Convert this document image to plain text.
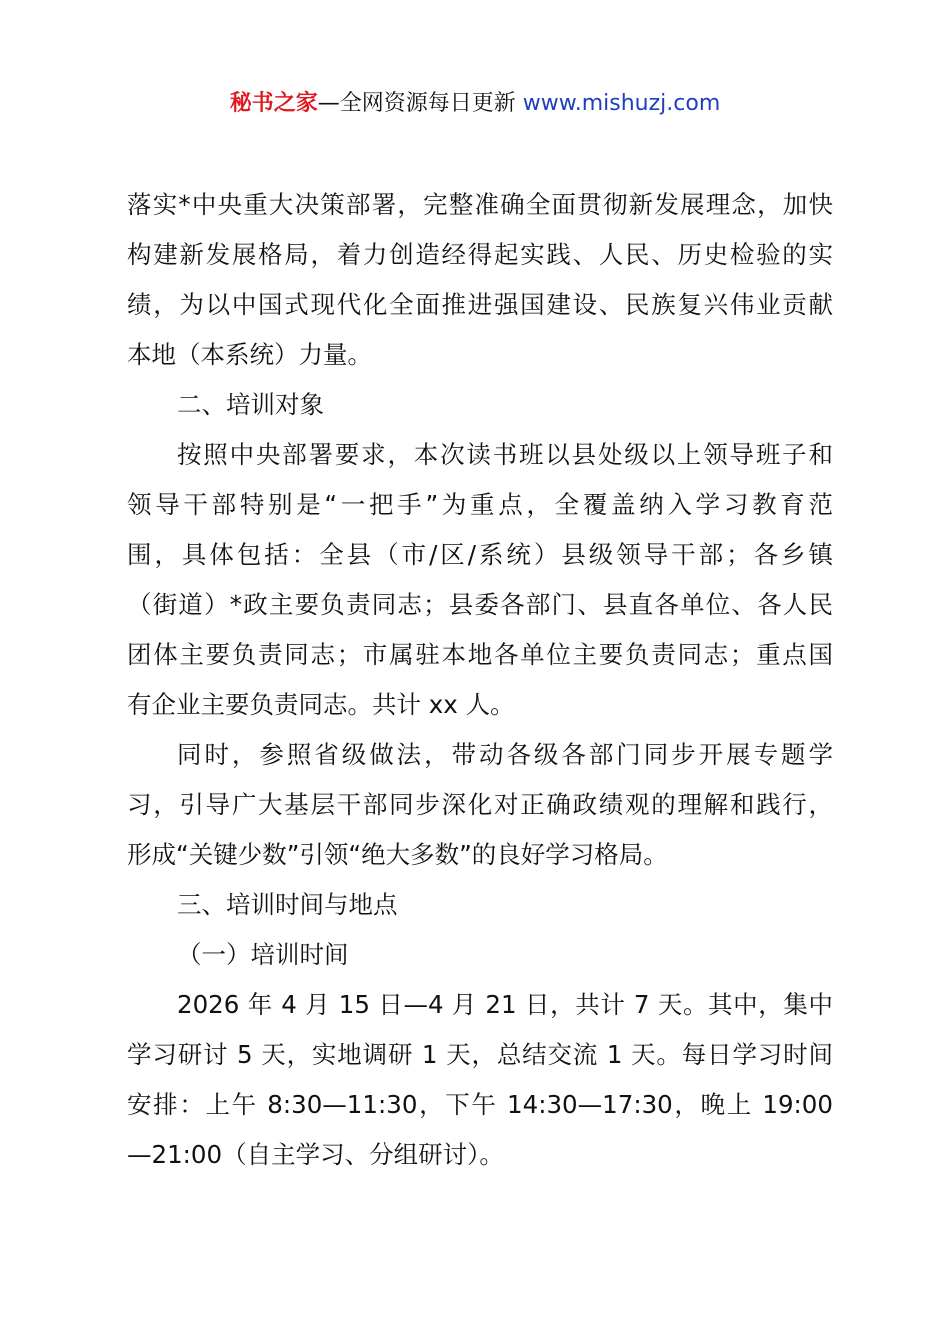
秘书之家—全网资源每日更新 www.mishuzj.com
落实*中央重大决策部署，完整准确全面贯彻新发展理念，加快
构建新发展格局，着力创造经得起实践、人民、历史检验的实
绩，为以中国式现代化全面推进强国建设、民族复兴伟业贡献
本地（本系统）力量。
二、培训对象
按照中央部署要求，本次读书班以县处级以上领导班子和
领导干部特别是“一把手”为重点，全覆盖纳入学习教育范
围，具体包括：全县（市/区/系统）县级领导干部；各乡镇
（街道）*政主要负责同志；县委各部门、县直各单位、各人民
团体主要负责同志；市属驻本地各单位主要负责同志；重点国
有企业主要负责同志。共计 xx 人。
同时，参照省级做法，带动各级各部门同步开展专题学
习，引导广大基层干部同步深化对正确政绩观的理解和践行，
形成“关键少数”引领“绝大多数”的良好学习格局。
三、培训时间与地点
（一）培训时间
2026 年 4 月 15 日—4 月 21 日，共计 7 天。其中，集中
学习研讨 5 天，实地调研 1 天，总结交流 1 天。每日学习时间
安排：上午 8:30—11:30，下午 14:30—17:30，晚上 19:00
—21:00（自主学习、分组研讨）。
